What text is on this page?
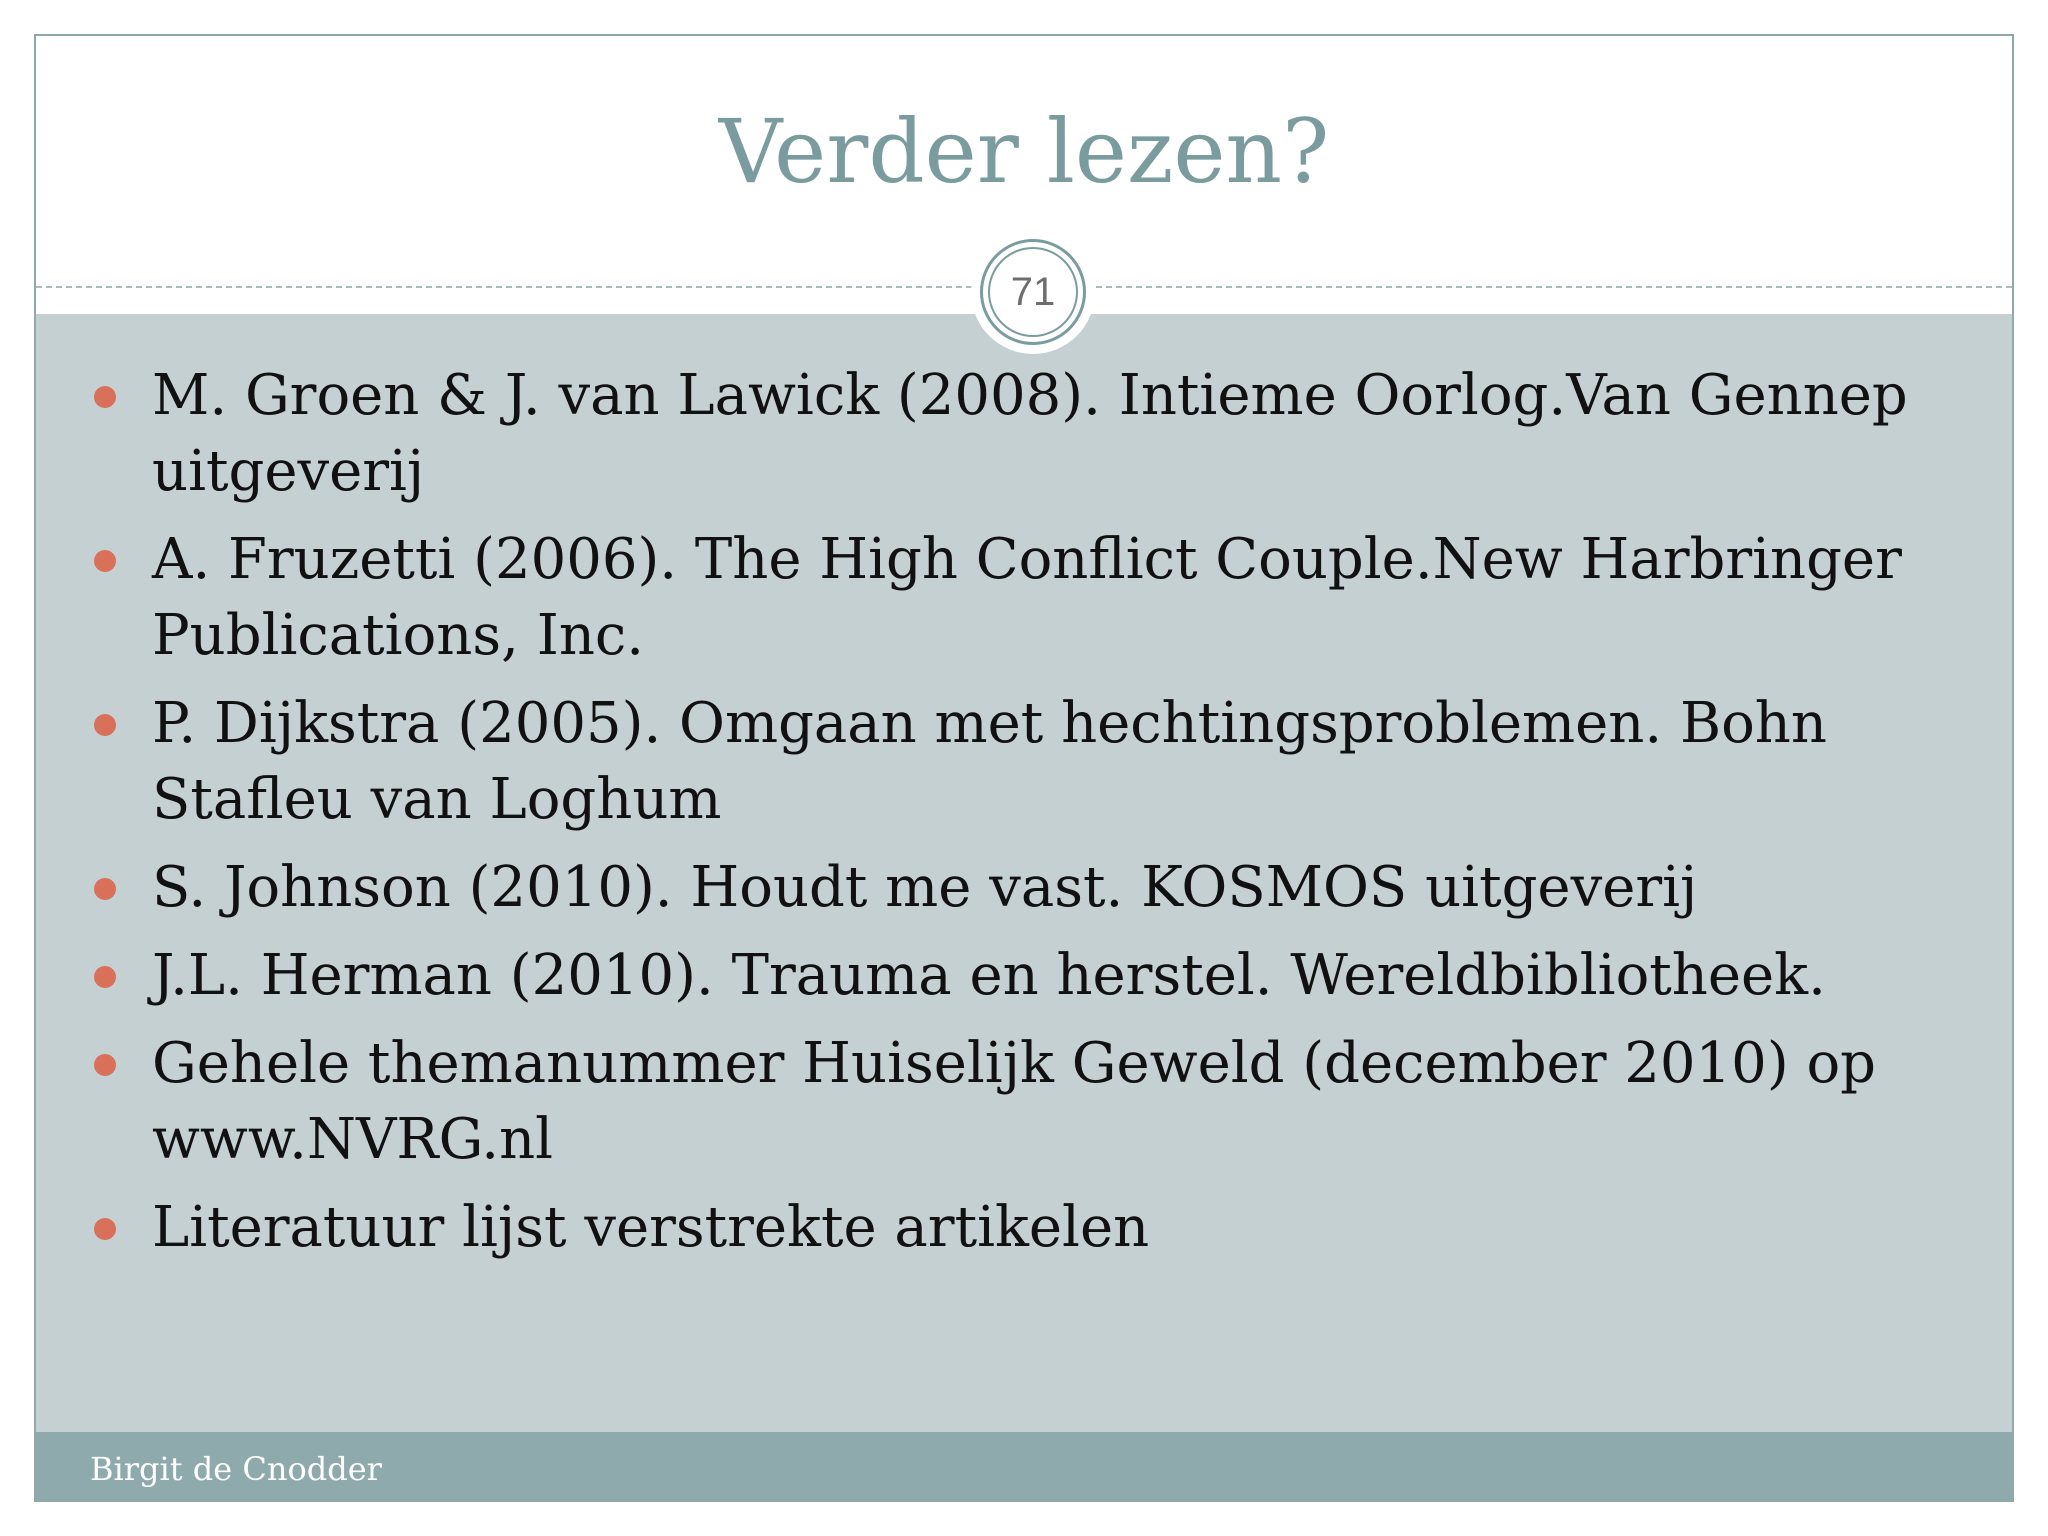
Verder lezen?
71
M. Groen & J. van Lawick (2008). Intieme Oorlog.Van Gennep uitgeverij
A. Fruzetti (2006). The High Conflict Couple.New Harbringer Publications, Inc.
P. Dijkstra (2005). Omgaan met hechtingsproblemen. Bohn Stafleu van Loghum
S. Johnson (2010). Houdt me vast. KOSMOS uitgeverij
J.L. Herman (2010). Trauma en herstel. Wereldbibliotheek.
Gehele themanummer Huiselijk Geweld (december 2010) op www.NVRG.nl
Literatuur lijst verstrekte artikelen
Birgit de Cnodder
